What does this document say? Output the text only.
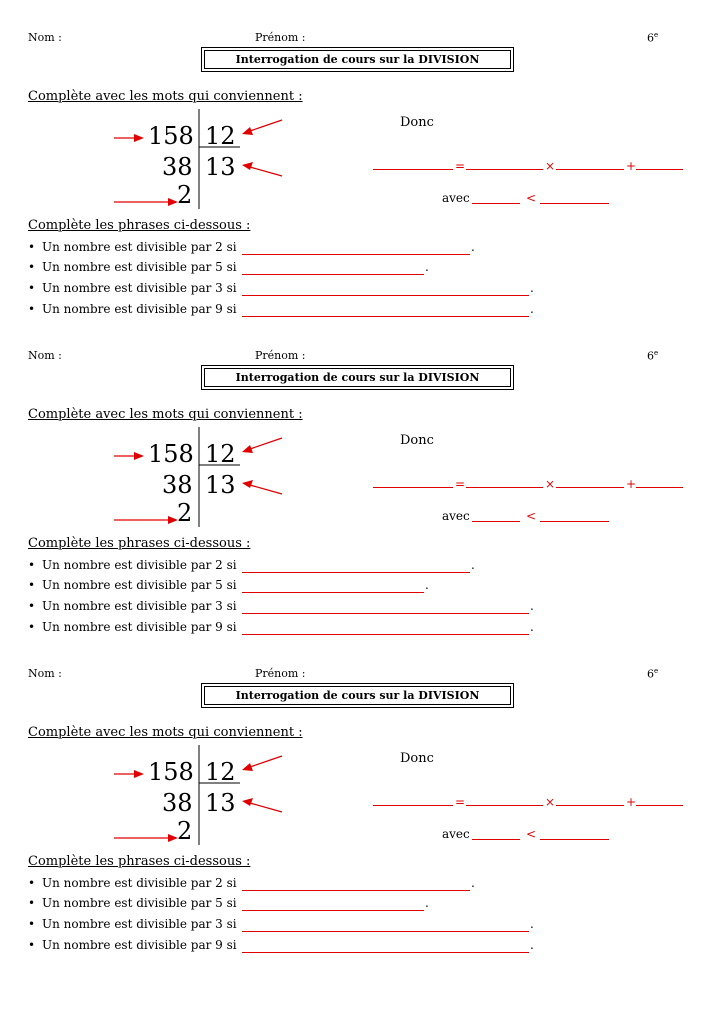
Nom :	Prénom :	6e
Interrogation de cours sur la DIVISION
Complète avec les mots qui conviennent :
158 12
38 13
2
Donc
=	×	+
avec	<
Complète les phrases ci-dessous :
• Un nombre est divisible par 2 si	.
• Un nombre est divisible par 5 si	.
• Un nombre est divisible par 3 si	.
• Un nombre est divisible par 9 si	.
Nom :	Prénom :	6e
Interrogation de cours sur la DIVISION
Complète avec les mots qui conviennent :
158 12
38 13
2
Donc
=	×	+
avec	<
Complète les phrases ci-dessous :
• Un nombre est divisible par 2 si	.
• Un nombre est divisible par 5 si	.
• Un nombre est divisible par 3 si	.
• Un nombre est divisible par 9 si	.
Nom :	Prénom :	6e
Interrogation de cours sur la DIVISION
Complète avec les mots qui conviennent :
158 12
38 13
2
Donc
=	×	+
avec	<
Complète les phrases ci-dessous :
• Un nombre est divisible par 2 si	.
• Un nombre est divisible par 5 si	.
• Un nombre est divisible par 3 si	.
• Un nombre est divisible par 9 si	.
